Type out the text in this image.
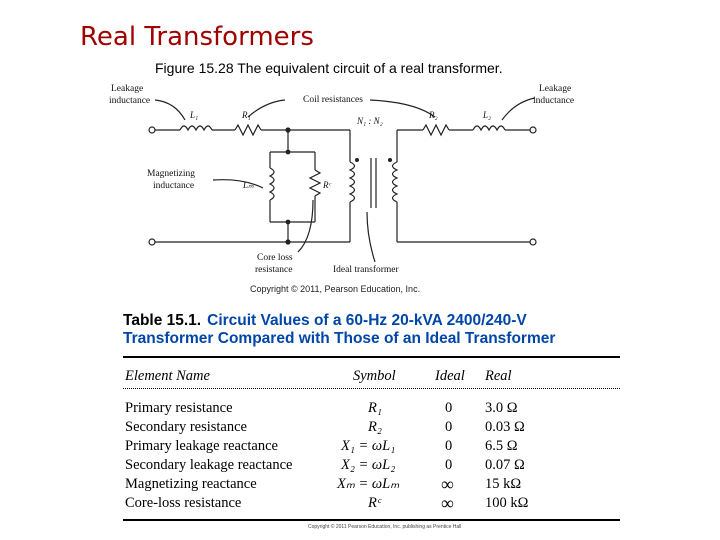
Real Transformers
Figure 15.28 The equivalent circuit of a real transformer.
Leakage
inductance	Coil resistances
Leakage
inductance
L₁	R₁
N₁ : N₂
R₂	L₂
Magnetizing
inductance	Lₘ	Rᶜ
Core loss
resistance	Ideal transformer
Copyright © 2011, Pearson Education, Inc.
Table 15.1. Circuit Values of a 60-Hz 20-kVA 2400/240-V
Transformer Compared with Those of an Ideal Transformer
Element Name	Symbol	Ideal Real
Primary resistance	R₁	0 3.0 Ω
Secondary resistance	R₂	0 0.03 Ω
Primary leakage reactance	X₁ = ωL₁	0 6.5 Ω
Secondary leakage reactance	X₂ = ωL₂	0 0.07 Ω
Magnetizing reactance	Xₘ = ωLₘ ∞ 15 kΩ
Core-loss resistance	Rᶜ	∞ 100 kΩ
Copyright © 2011 Pearson Education, Inc. publishing as Prentice Hall
